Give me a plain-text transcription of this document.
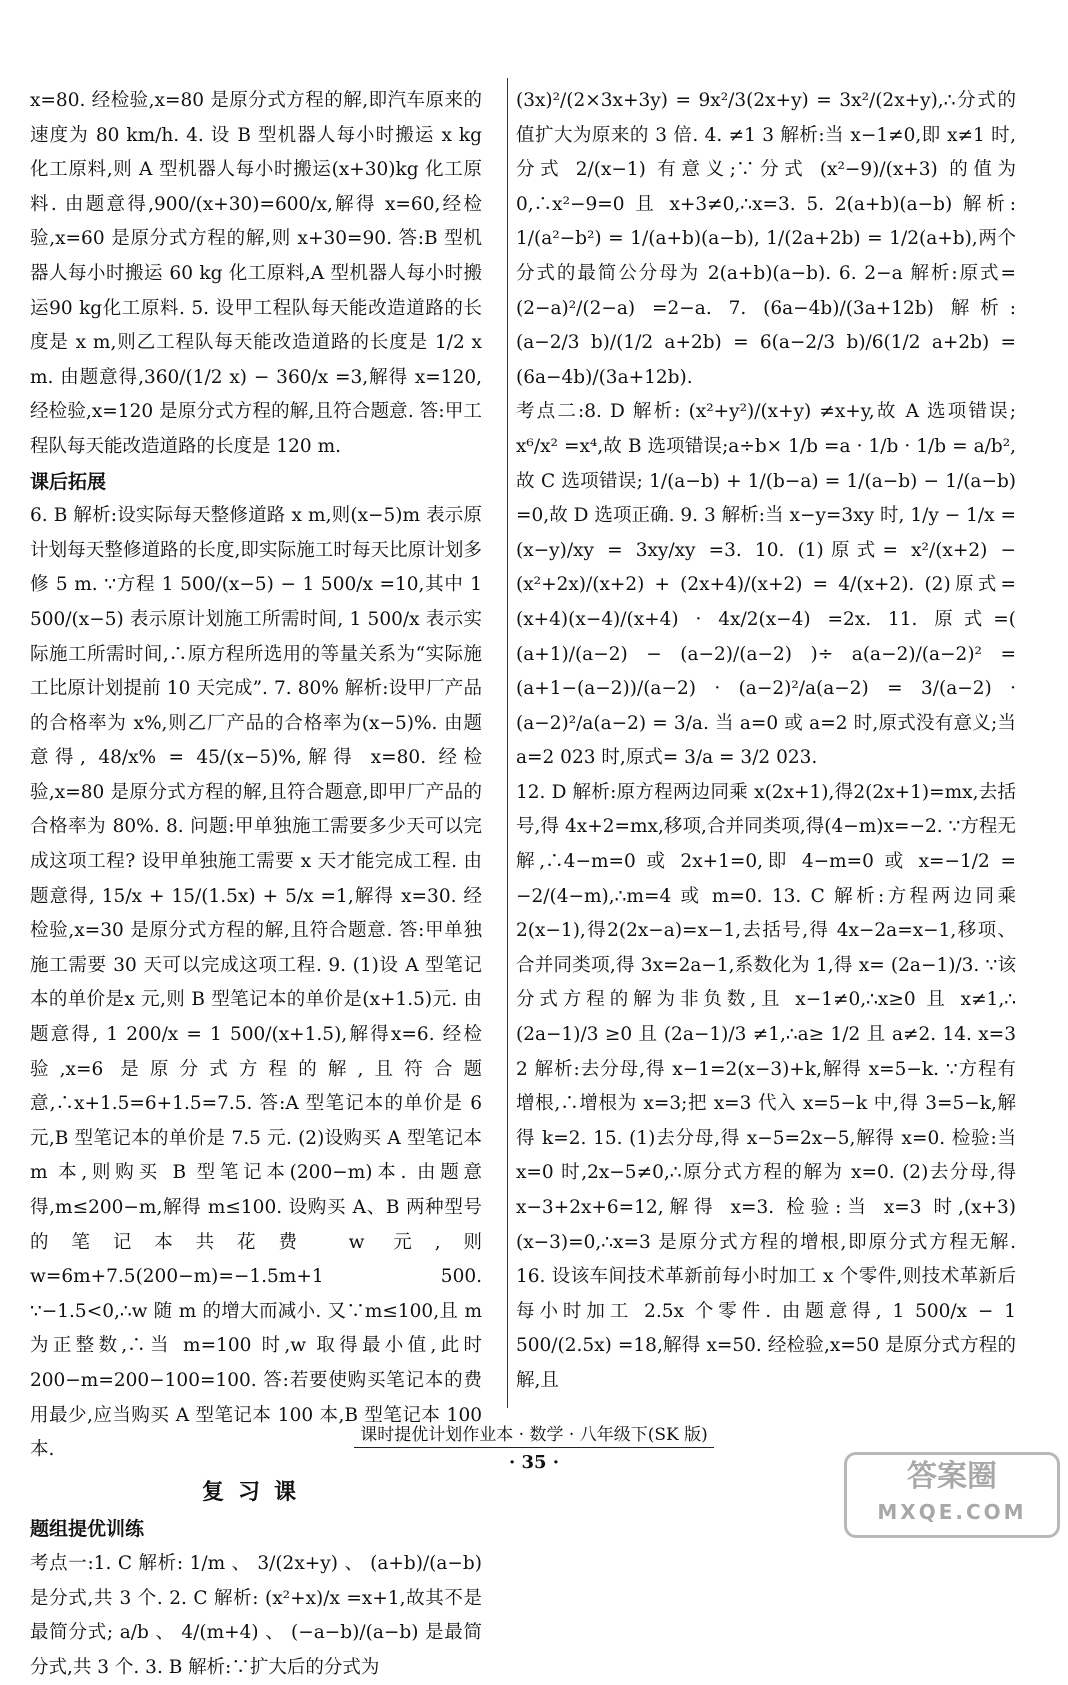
x=80. 经检验,x=80 是原分式方程的解,即汽车原来的速度为 80 km/h. 4. 设 B 型机器人每小时搬运 x kg 化工原料,则 A 型机器人每小时搬运(x+30)kg 化工原料. 由题意得,900/(x+30)=600/x,解得 x=60,经检验,x=60 是原分式方程的解,则 x+30=90. 答:B 型机器人每小时搬运 60 kg 化工原料,A 型机器人每小时搬运90 kg化工原料. 5. 设甲工程队每天能改造道路的长度是 x m,则乙工程队每天能改造道路的长度是 1/2 x m. 由题意得,360/(1/2 x) − 360/x =3,解得 x=120,经检验,x=120 是原分式方程的解,且符合题意. 答:甲工程队每天能改造道路的长度是 120 m.

课后拓展

6. B 解析:设实际每天整修道路 x m,则(x−5)m 表示原计划每天整修道路的长度,即实际施工时每天比原计划多修 5 m. ∵方程 1 500/(x−5) − 1 500/x =10,其中 1 500/(x−5) 表示原计划施工所需时间, 1 500/x 表示实际施工所需时间,∴原方程所选用的等量关系为“实际施工比原计划提前 10 天完成”. 7. 80% 解析:设甲厂产品的合格率为 x%,则乙厂产品的合格率为(x−5)%. 由题意得, 48/x% = 45/(x−5)%,解得 x=80. 经检验,x=80 是原分式方程的解,且符合题意,即甲厂产品的合格率为 80%. 8. 问题:甲单独施工需要多少天可以完成这项工程? 设甲单独施工需要 x 天才能完成工程. 由题意得, 15/x + 15/(1.5x) + 5/x =1,解得 x=30. 经检验,x=30 是原分式方程的解,且符合题意. 答:甲单独施工需要 30 天可以完成这项工程. 9. (1)设 A 型笔记本的单价是x 元,则 B 型笔记本的单价是(x+1.5)元. 由题意得, 1 200/x = 1 500/(x+1.5),解得x=6. 经检验,x=6 是原分式方程的解,且符合题意,∴x+1.5=6+1.5=7.5. 答:A 型笔记本的单价是 6 元,B 型笔记本的单价是 7.5 元. (2)设购买 A 型笔记本 m 本,则购买 B 型笔记本(200−m)本. 由题意得,m≤200−m,解得 m≤100. 设购买 A、B 两种型号的笔记本共花费 w 元,则 w=6m+7.5(200−m)=−1.5m+1 500. ∵−1.5<0,∴w 随 m 的增大而减小. 又∵m≤100,且 m 为正整数,∴当 m=100 时,w 取得最小值,此时 200−m=200−100=100. 答:若要使购买笔记本的费用最少,应当购买 A 型笔记本 100 本,B 型笔记本 100 本.

复习课
题组提优训练

考点一:1. C 解析: 1/m 、 3/(2x+y) 、 (a+b)/(a−b) 是分式,共 3 个. 2. C 解析: (x²+x)/x =x+1,故其不是最简分式; a/b 、 4/(m+4) 、 (−a−b)/(a−b) 是最简分式,共 3 个. 3. B 解析:∵扩大后的分式为

(3x)²/(2×3x+3y) = 9x²/3(2x+y) = 3x²/(2x+y),∴分式的值扩大为原来的 3 倍. 4. ≠1 3 解析:当 x−1≠0,即 x≠1 时,分式 2/(x−1) 有意义;∵分式 (x²−9)/(x+3) 的值为 0,∴x²−9=0 且 x+3≠0,∴x=3. 5. 2(a+b)(a−b) 解析: 1/(a²−b²) = 1/(a+b)(a−b), 1/(2a+2b) = 1/2(a+b),两个分式的最简公分母为 2(a+b)(a−b). 6. 2−a 解析:原式= (2−a)²/(2−a) =2−a. 7. (6a−4b)/(3a+12b) 解析: (a−2/3 b)/(1/2 a+2b) = 6(a−2/3 b)/6(1/2 a+2b) = (6a−4b)/(3a+12b).

考点二:8. D 解析: (x²+y²)/(x+y) ≠x+y,故 A 选项错误; x⁶/x² =x⁴,故 B 选项错误;a÷b× 1/b =a · 1/b · 1/b = a/b²,故 C 选项错误; 1/(a−b) + 1/(b−a) = 1/(a−b) − 1/(a−b) =0,故 D 选项正确. 9. 3 解析:当 x−y=3xy 时, 1/y − 1/x = (x−y)/xy = 3xy/xy =3. 10. (1)原式= x²/(x+2) − (x²+2x)/(x+2) + (2x+4)/(x+2) = 4/(x+2). (2)原式= (x+4)(x−4)/(x+4) · 4x/2(x−4) =2x. 11. 原式=( (a+1)/(a−2) − (a−2)/(a−2) )÷ a(a−2)/(a−2)² = (a+1−(a−2))/(a−2) · (a−2)²/a(a−2) = 3/(a−2) · (a−2)²/a(a−2) = 3/a. 当 a=0 或 a=2 时,原式没有意义;当 a=2 023 时,原式= 3/a = 3/2 023.

12. D 解析:原方程两边同乘 x(2x+1),得2(2x+1)=mx,去括号,得 4x+2=mx,移项,合并同类项,得(4−m)x=−2. ∵方程无解,∴4−m=0 或 2x+1=0,即 4−m=0 或 x=−1/2 = −2/(4−m),∴m=4 或 m=0. 13. C 解析:方程两边同乘 2(x−1),得2(2x−a)=x−1,去括号,得 4x−2a=x−1,移项、合并同类项,得 3x=2a−1,系数化为 1,得 x= (2a−1)/3. ∵该分式方程的解为非负数,且 x−1≠0,∴x≥0 且 x≠1,∴ (2a−1)/3 ≥0 且 (2a−1)/3 ≠1,∴a≥ 1/2 且 a≠2. 14. x=3 2 解析:去分母,得 x−1=2(x−3)+k,解得 x=5−k. ∵方程有增根,∴增根为 x=3;把 x=3 代入 x=5−k 中,得 3=5−k,解得 k=2. 15. (1)去分母,得 x−5=2x−5,解得 x=0. 检验:当 x=0 时,2x−5≠0,∴原分式方程的解为 x=0. (2)去分母,得 x−3+2x+6=12,解得 x=3. 检验:当 x=3 时,(x+3)(x−3)=0,∴x=3 是原分式方程的增根,即原分式方程无解. 16. 设该车间技术革新前每小时加工 x 个零件,则技术革新后每小时加工 2.5x 个零件. 由题意得, 1 500/x − 1 500/(2.5x) =18,解得 x=50. 经检验,x=50 是原分式方程的解,且

课时提优计划作业本 · 数学 · 八年级下(SK 版)
· 35 ·	答案圈
MXQE.COM
